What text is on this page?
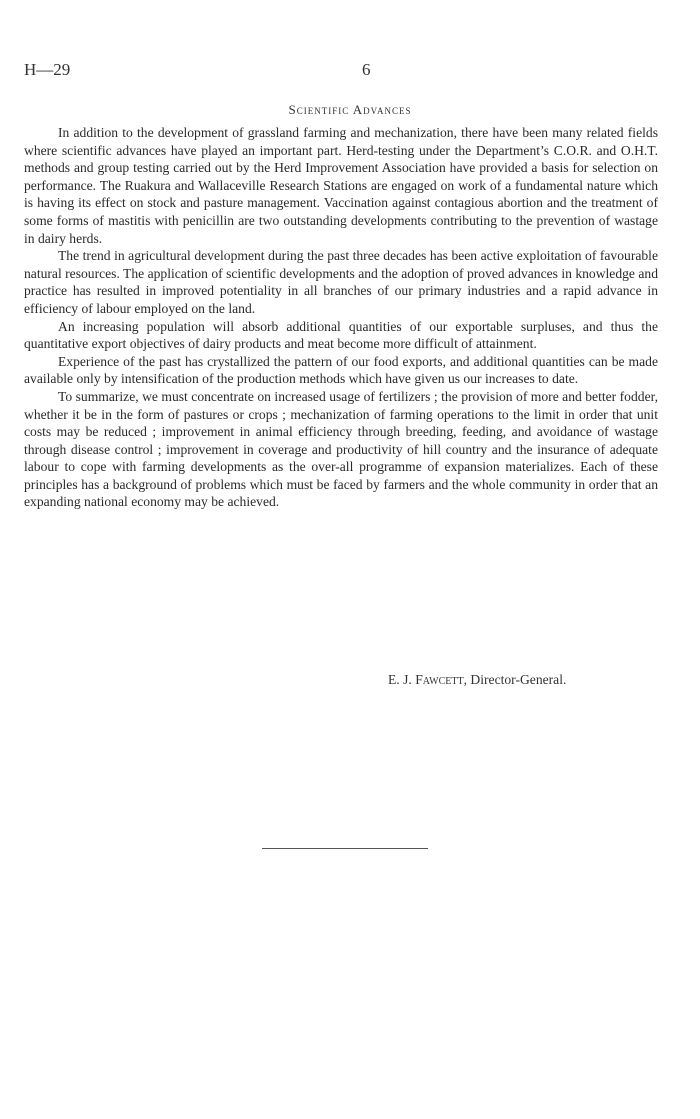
H—29	6
Scientific Advances

In addition to the development of grassland farming and mechanization, there have been many related fields where scientific advances have played an important part. Herd-testing under the Department’s C.O.R. and O.H.T. methods and group testing carried out by the Herd Improvement Association have provided a basis for selection on performance. The Ruakura and Wallaceville Research Stations are engaged on work of a fundamental nature which is having its effect on stock and pasture management. Vaccination against contagious abortion and the treatment of some forms of mastitis with penicillin are two outstanding developments contributing to the prevention of wastage in dairy herds.

The trend in agricultural development during the past three decades has been active exploitation of favourable natural resources. The application of scientific developments and the adoption of proved advances in knowledge and practice has resulted in improved potentiality in all branches of our primary industries and a rapid advance in efficiency of labour employed on the land.

An increasing population will absorb additional quantities of our exportable surpluses, and thus the quantitative export objectives of dairy products and meat become more difficult of attainment.

Experience of the past has crystallized the pattern of our food exports, and additional quantities can be made available only by intensification of the production methods which have given us our increases to date.

To summarize, we must concentrate on increased usage of fertilizers ; the provision of more and better fodder, whether it be in the form of pastures or crops ; mechanization of farming operations to the limit in order that unit costs may be reduced ; improvement in animal efficiency through breeding, feeding, and avoidance of wastage through disease control ; improvement in coverage and productivity of hill country and the insurance of adequate labour to cope with farming developments as the over-all programme of expansion materializes. Each of these principles has a background of problems which must be faced by farmers and the whole community in order that an expanding national economy may be achieved.

E. J. Fawcett, Director-General.
